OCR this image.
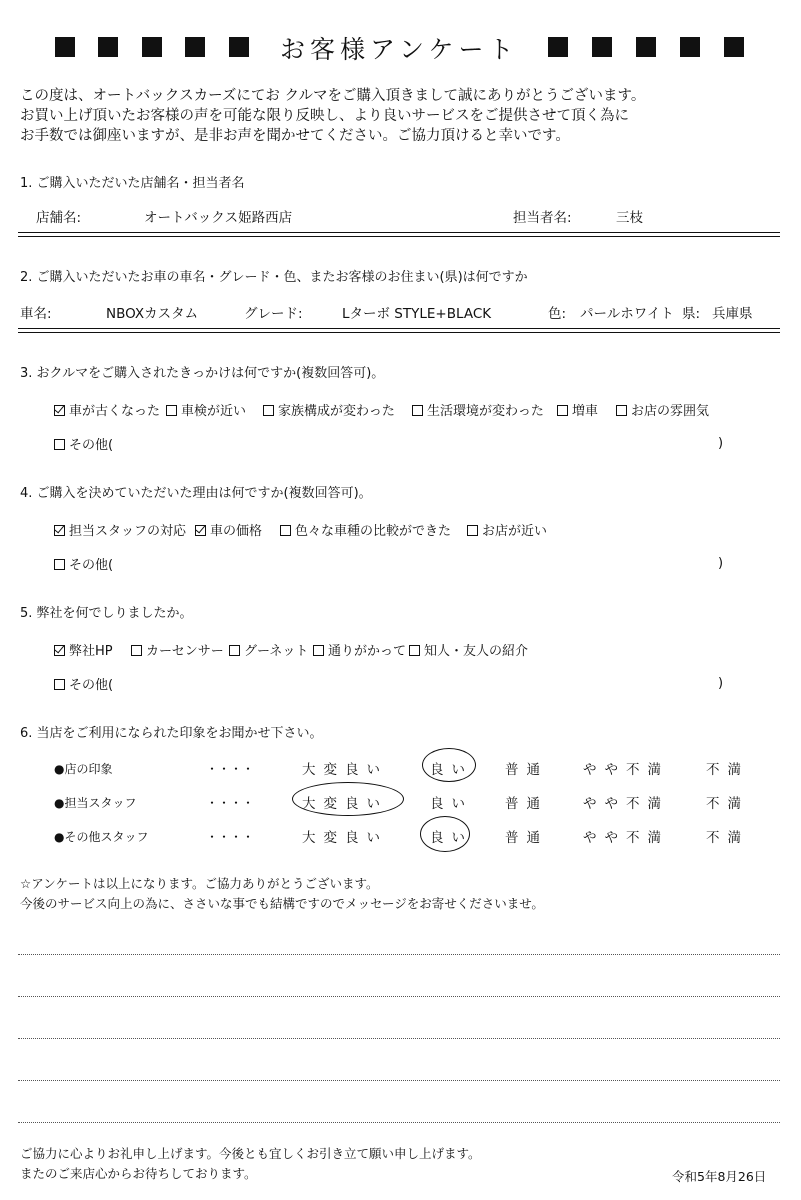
お客様アンケート
この度は、オートバックスカーズにてお クルマをご購入頂きまして誠にありがとうございます。
お買い上げ頂いたお客様の声を可能な限り反映し、より良いサービスをご提供させて頂く為に
お手数では御座いますが、是非お声を聞かせてください。ご協力頂けると幸いです。
1. ご購入いただいた店舗名・担当者名
店舗名:	オートバックス姫路西店	担当者名:	三枝
2. ご購入いただいたお車の車名・グレード・色、またお客様のお住まい(県)は何ですか
車名:	NBOXカスタム	グレード:	Lターボ STYLE+BLACK	色: パールホワイト 県: 兵庫県
3. おクルマをご購入されたきっかけは何ですか(複数回答可)。
車が古くなった	車検が近い	家族構成が変わった	生活環境が変わった	増車	お店の雰囲気
その他(	)
4. ご購入を決めていただいた理由は何ですか(複数回答可)。
担当スタッフの対応	車の価格	色々な車種の比較ができた	お店が近い
その他(	)
5. 弊社を何でしりましたか。
弊社HP	カーセンサー	グーネット	通りがかって	知人・友人の紹介
その他(	)
6. 当店をご利用になられた印象をお聞かせ下さい。
●店の印象	・・・・	大変良い	良い 普通	やや不満	不満
●担当スタッフ	・・・・	大変良い	良い 普通	やや不満	不満
●その他スタッフ	・・・・	大変良い	良い 普通	やや不満	不満
☆アンケートは以上になります。ご協力ありがとうございます。
今後のサービス向上の為に、ささいな事でも結構ですのでメッセージをお寄せくださいませ。
ご協力に心よりお礼申し上げます。今後とも宜しくお引き立て願い申し上げます。
またのご来店心からお待ちしております。	令和5年8月26日
